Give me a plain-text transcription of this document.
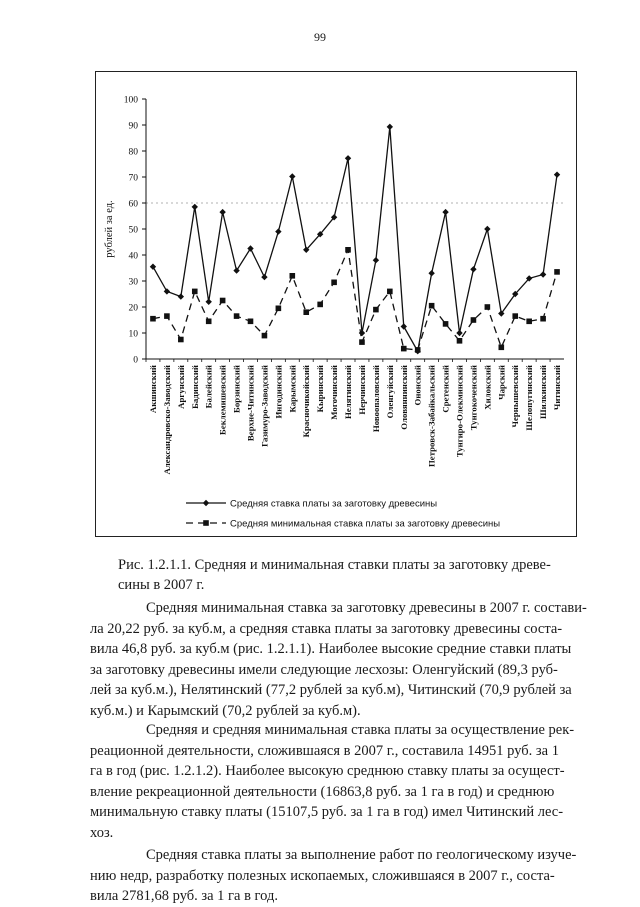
99
0
10
20
30
40
50
60
70
80
90
100
рублей за ед.
Акшинский Александровско-Заводский Аргунский Бадинский Балейский Беклемишевский Борзинский Верхне-Читинский Газимуро-Заводский Ингодинский Карымский Красночикойский Кыринский Могочинский Нелятинский Нерчинский Новоопаловский Оленгуйский Оловяннинский Ононский Петровск-Забайкальский Сретенский Тунгиро-Олекминский Тунгокоченский Хилокский Чарский Чернышевский Шелопугинский Шилкинский Читинский
Средняя ставка платы за заготовку древесины
Средняя минимальная ставка платы за заготовку древесины
Рис. 1.2.1.1. Средняя и минимальная ставки платы за заготовку древе-
сины в 2007 г.
Средняя минимальная ставка за заготовку древесины в 2007 г. состави-
ла 20,22 руб. за куб.м, а средняя ставка платы за заготовку древесины соста-
вила 46,8 руб. за куб.м (рис. 1.2.1.1). Наиболее высокие средние ставки платы
за заготовку древесины имели следующие лесхозы: Оленгуйский (89,3 руб-
лей за куб.м.), Нелятинский (77,2 рублей за куб.м), Читинский (70,9 рублей за
куб.м.) и Карымский (70,2 рублей за куб.м).
Средняя и средняя минимальная ставка платы за осуществление рек-
реационной деятельности, сложившаяся в 2007 г., составила 14951 руб. за 1
га в год (рис. 1.2.1.2). Наиболее высокую среднюю ставку платы за осущест-
вление рекреационной деятельности (16863,8 руб. за 1 га в год) и среднюю
минимальную ставку платы (15107,5 руб. за 1 га в год) имел Читинский лес-
хоз.
Средняя ставка платы за выполнение работ по геологическому изуче-
нию недр, разработку полезных ископаемых, сложившаяся в 2007 г., соста-
вила 2781,68 руб. за 1 га в год.
